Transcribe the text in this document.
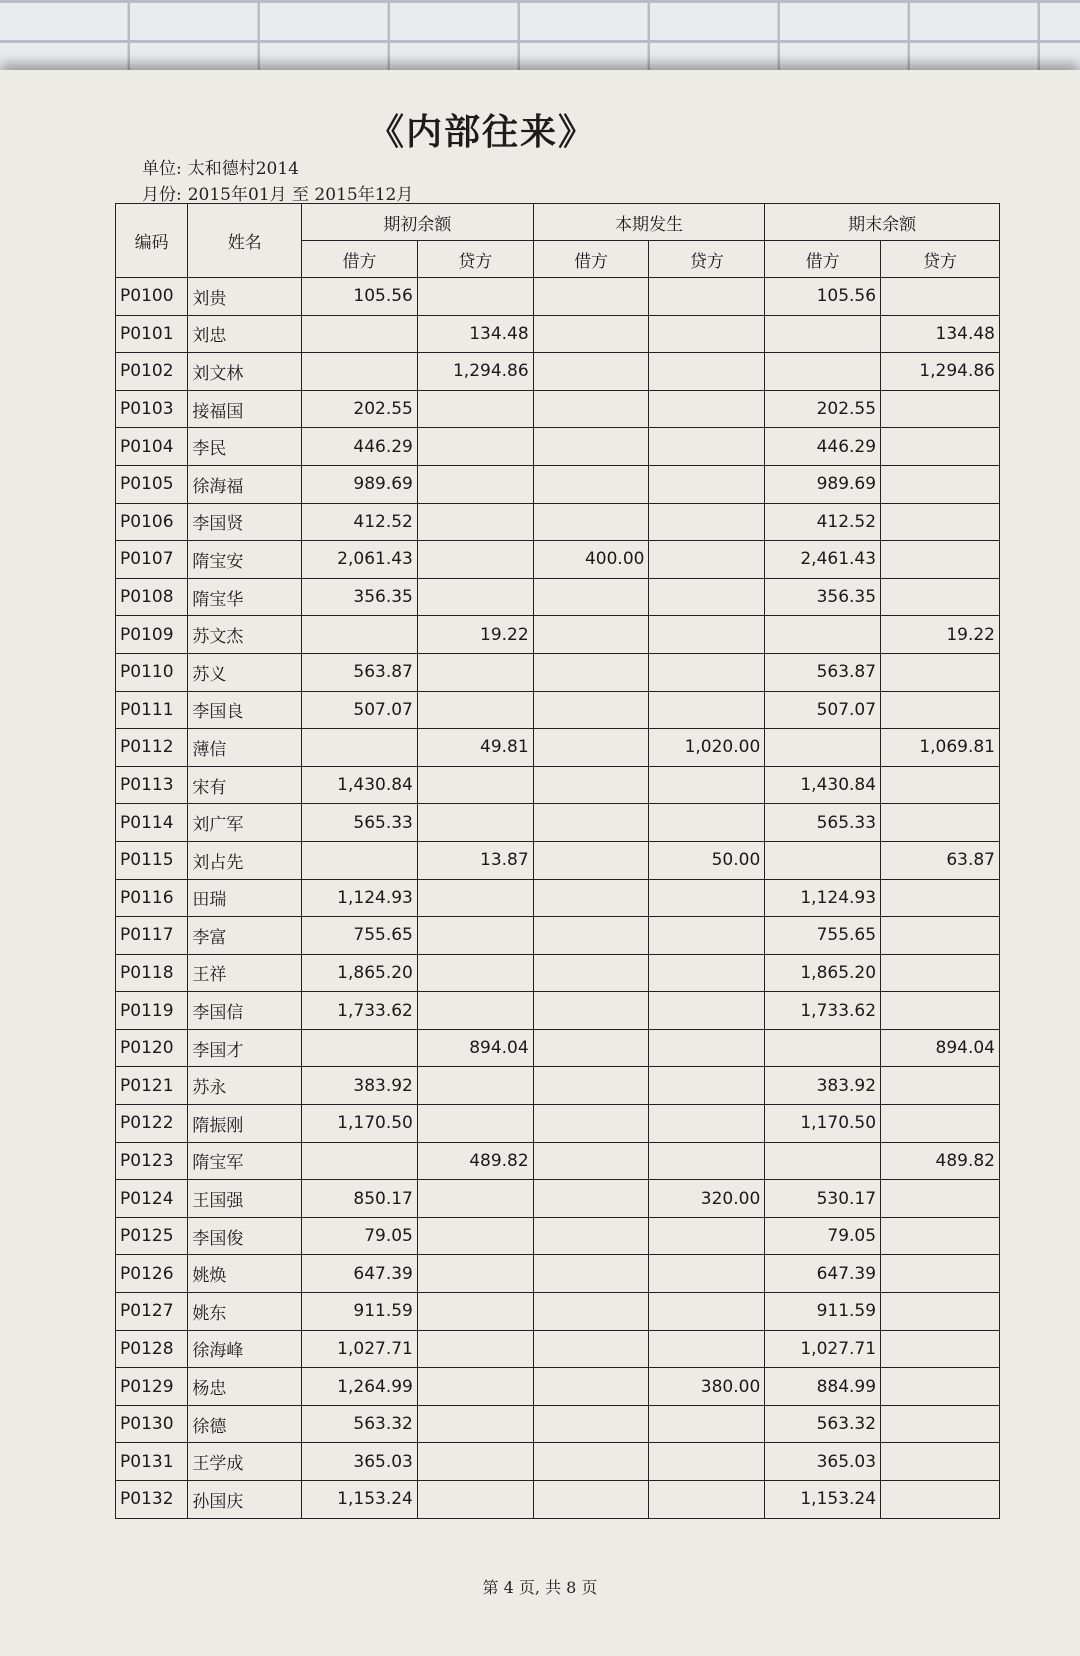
《内部往来》
单位: 太和德村2014
月份: 2015年01月 至 2015年12月
编码	姓名	期初余额		本期发生		期末余额	
		借方	贷方	借方	贷方	借方	贷方
P0100	刘贵	105.56				105.56	
P0101	刘忠		134.48				134.48
P0102	刘文林		1,294.86				1,294.86
P0103	接福国	202.55				202.55	
P0104	李民	446.29				446.29	
P0105	徐海福	989.69				989.69	
P0106	李国贤	412.52				412.52	
P0107	隋宝安	2,061.43		400.00		2,461.43	
P0108	隋宝华	356.35				356.35	
P0109	苏文杰		19.22				19.22
P0110	苏义	563.87				563.87	
P0111	李国良	507.07				507.07	
P0112	薄信		49.81		1,020.00		1,069.81
P0113	宋有	1,430.84				1,430.84	
P0114	刘广军	565.33				565.33	
P0115	刘占先		13.87		50.00		63.87
P0116	田瑞	1,124.93				1,124.93	
P0117	李富	755.65				755.65	
P0118	王祥	1,865.20				1,865.20	
P0119	李国信	1,733.62				1,733.62	
P0120	李国才		894.04				894.04
P0121	苏永	383.92				383.92	
P0122	隋振刚	1,170.50				1,170.50	
P0123	隋宝军		489.82				489.82
P0124	王国强	850.17			320.00	530.17	
P0125	李国俊	79.05				79.05	
P0126	姚焕	647.39				647.39	
P0127	姚东	911.59				911.59	
P0128	徐海峰	1,027.71				1,027.71	
P0129	杨忠	1,264.99			380.00	884.99	
P0130	徐德	563.32				563.32	
P0131	王学成	365.03				365.03	
P0132	孙国庆	1,153.24				1,153.24	
第 4 页, 共 8 页
